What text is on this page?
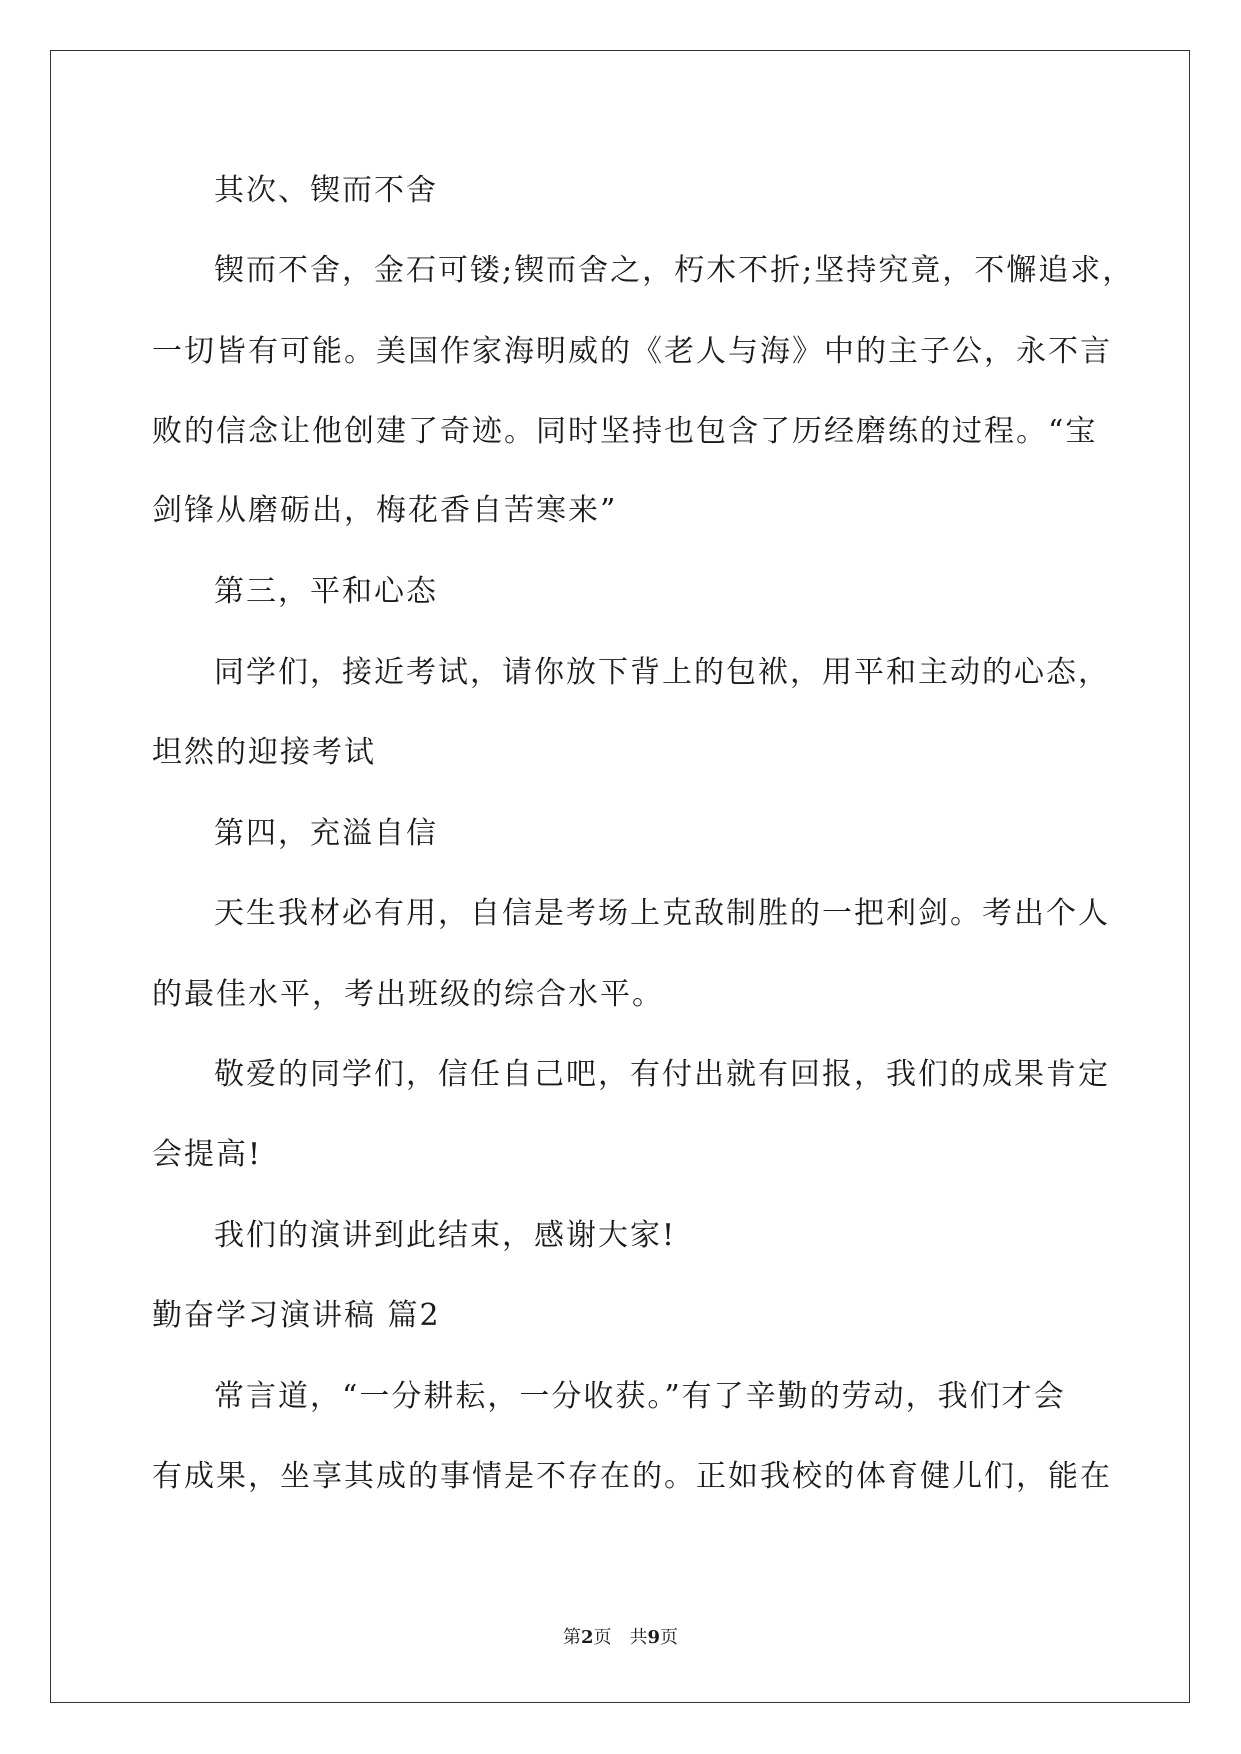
其次、锲而不舍
锲而不舍，金石可镂;锲而舍之，朽木不折;坚持究竟，不懈追求，
一切皆有可能。美国作家海明威的《老人与海》中的主子公，永不言
败的信念让他创建了奇迹。同时坚持也包含了历经磨练的过程。“宝
剑锋从磨砺出，梅花香自苦寒来”
第三，平和心态
同学们，接近考试，请你放下背上的包袱，用平和主动的心态，
坦然的迎接考试
第四，充溢自信
天生我材必有用，自信是考场上克敌制胜的一把利剑。考出个人
的最佳水平，考出班级的综合水平。
敬爱的同学们，信任自己吧，有付出就有回报，我们的成果肯定
会提高!
我们的演讲到此结束，感谢大家!
勤奋学习演讲稿 篇2
常言道，“一分耕耘，一分收获。”有了辛勤的劳动，我们才会
有成果，坐享其成的事情是不存在的。正如我校的体育健儿们，能在
第2页　共9页
